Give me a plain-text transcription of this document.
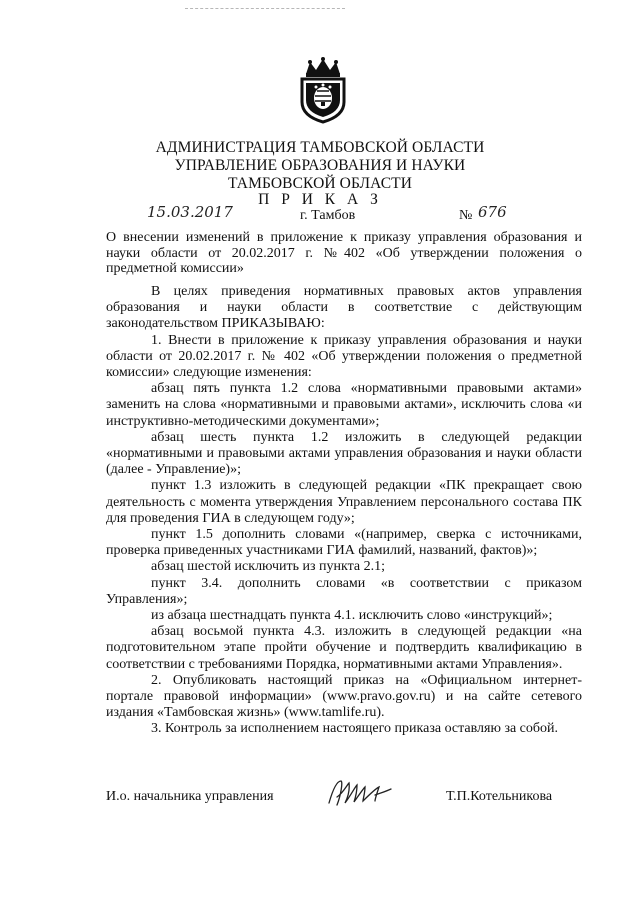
АДМИНИСТРАЦИЯ ТАМБОВСКОЙ ОБЛАСТИ
УПРАВЛЕНИЕ ОБРАЗОВАНИЯ И НАУКИ
ТАМБОВСКОЙ ОБЛАСТИ
П Р И К А З
15.03.2017	г. Тамбов	№ 676
О внесении изменений в приложение к приказу управления образования и науки области от 20.02.2017 г. №402 «Об утверждении положения о предметной комиссии»

В целях приведения нормативных правовых актов управления образования и науки области в соответствие с действующим законодательством ПРИКАЗЫВАЮ:

1. Внести в приложение к приказу управления образования и науки области от 20.02.2017 г. № 402 «Об утверждении положения о предметной комиссии» следующие изменения:

абзац пять пункта 1.2 слова «нормативными правовыми актами» заменить на слова «нормативными и правовыми актами», исключить слова «и инструктивно-методическими документами»;

абзац шесть пункта 1.2 изложить в следующей редакции «нормативными и правовыми актами управления образования и науки области (далее - Управление)»;

пункт 1.3 изложить в следующей редакции «ПК прекращает свою деятельность с момента утверждения Управлением персонального состава ПК для проведения ГИА в следующем году»;

пункт 1.5 дополнить словами «(например, сверка с источниками, проверка приведенных участниками ГИА фамилий, названий, фактов)»;

абзац шестой исключить из пункта 2.1;

пункт 3.4. дополнить словами «в соответствии с приказом Управления»;

из абзаца шестнадцать пункта 4.1. исключить слово «инструкций»;

абзац восьмой пункта 4.3. изложить в следующей редакции «на подготовительном этапе пройти обучение и подтвердить квалификацию в соответствии с требованиями Порядка, нормативными актами Управления».

2. Опубликовать настоящий приказ на «Официальном интернет-портале правовой информации» (www.pravo.gov.ru) и на сайте сетевого издания «Тамбовская жизнь» (www.tamlife.ru).

3. Контроль за исполнением настоящего приказа оставляю за собой.

И.о. начальника управления	Т.П.Котельникова
